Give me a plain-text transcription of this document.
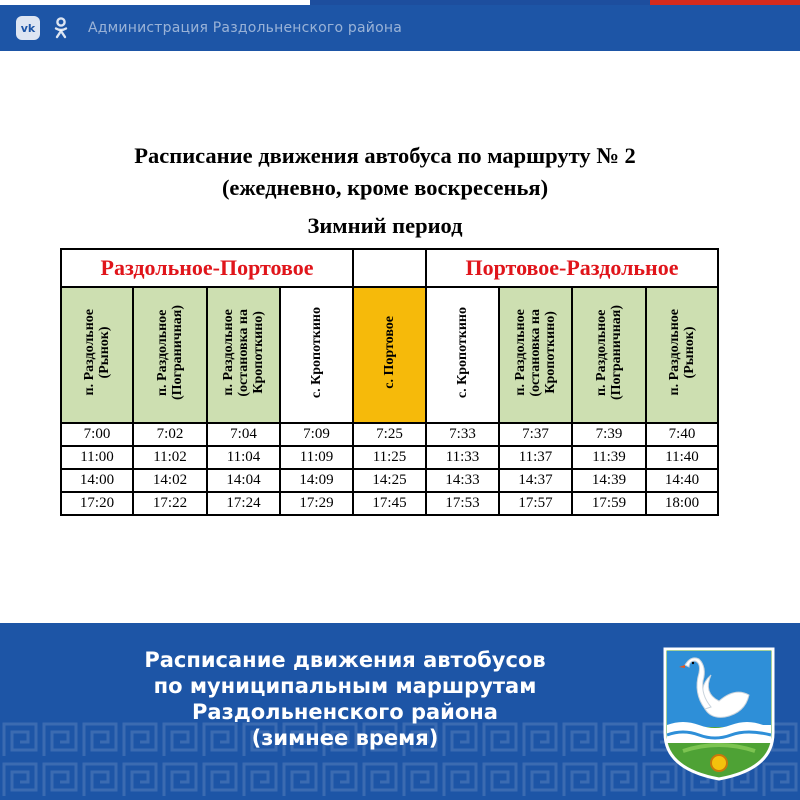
vk	Администрация Раздольненского района
Расписание движения автобуса по маршруту № 2
(ежедневно, кроме воскресенья)
Зимний период
Раздольное-Портовое					Портовое-Раздольное			
п. Раздольное
(Рынок)	п. Раздольное
(Пограничная)	п. Раздольное
(остановка на
Кропоткино)	с. Кропоткино	с. Портовое	с. Кропоткино	п. Раздольное
(остановка на
Кропоткино)	п. Раздольное
(Пограничная)	п. Раздольное
(Рынок)
7:00	7:02	7:04	7:09	7:25	7:33	7:37	7:39	7:40
11:00	11:02	11:04	11:09	11:25	11:33	11:37	11:39	11:40
14:00	14:02	14:04	14:09	14:25	14:33	14:37	14:39	14:40
17:20	17:22	17:24	17:29	17:45	17:53	17:57	17:59	18:00
Расписание движения автобусов
по муниципальным маршрутам
Раздольненского района
(зимнее время)
